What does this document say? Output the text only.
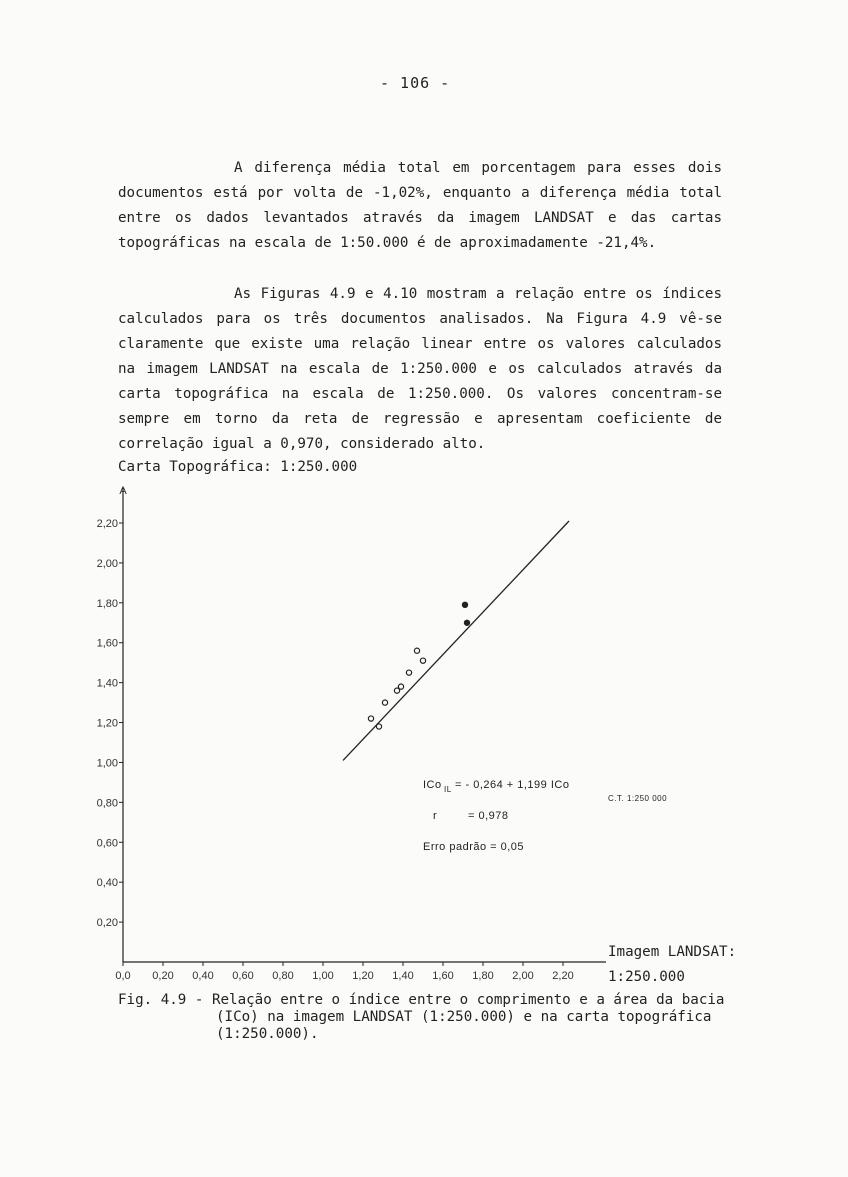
- 106 -
A diferença média total em porcentagem para esses dois documentos está por volta de -1,02%, enquanto a diferença média total entre os dados levantados através da imagem LANDSAT e das cartas topográficas na escala de 1:50.000 é de aproximadamente -21,4%.
As Figuras 4.9 e 4.10 mostram a relação entre os índices calculados para os três documentos analisados. Na Figura 4.9 vê-se claramente que existe uma relação linear entre os valores calculados na imagem LANDSAT na escala de 1:250.000 e os calculados através da carta topográfica na escala de 1:250.000. Os valores concentram-se sempre em torno da reta de regressão e apresentam coeficiente de correlação igual a 0,970, considerado alto.
Carta Topográfica: 1:250.000
A
0,0 0,20 0,40 0,60 0,80 1,00 1,20 1,40 1,60 1,80 2,00 2,20
0,20
0,40
0,60
0,80
1,00
1,20
1,40
1,60
1,80
2,00
2,20
ICo IL = - 0,264 + 1,199 ICo
C.T. 1:250 000
r	= 0,978
Erro padrão = 0,05
Imagem LANDSAT:
1:250.000
Fig. 4.9 - Relação entre o índice entre o comprimento e a área da bacia
(ICo) na imagem LANDSAT (1:250.000) e na carta topográfica
(1:250.000).
